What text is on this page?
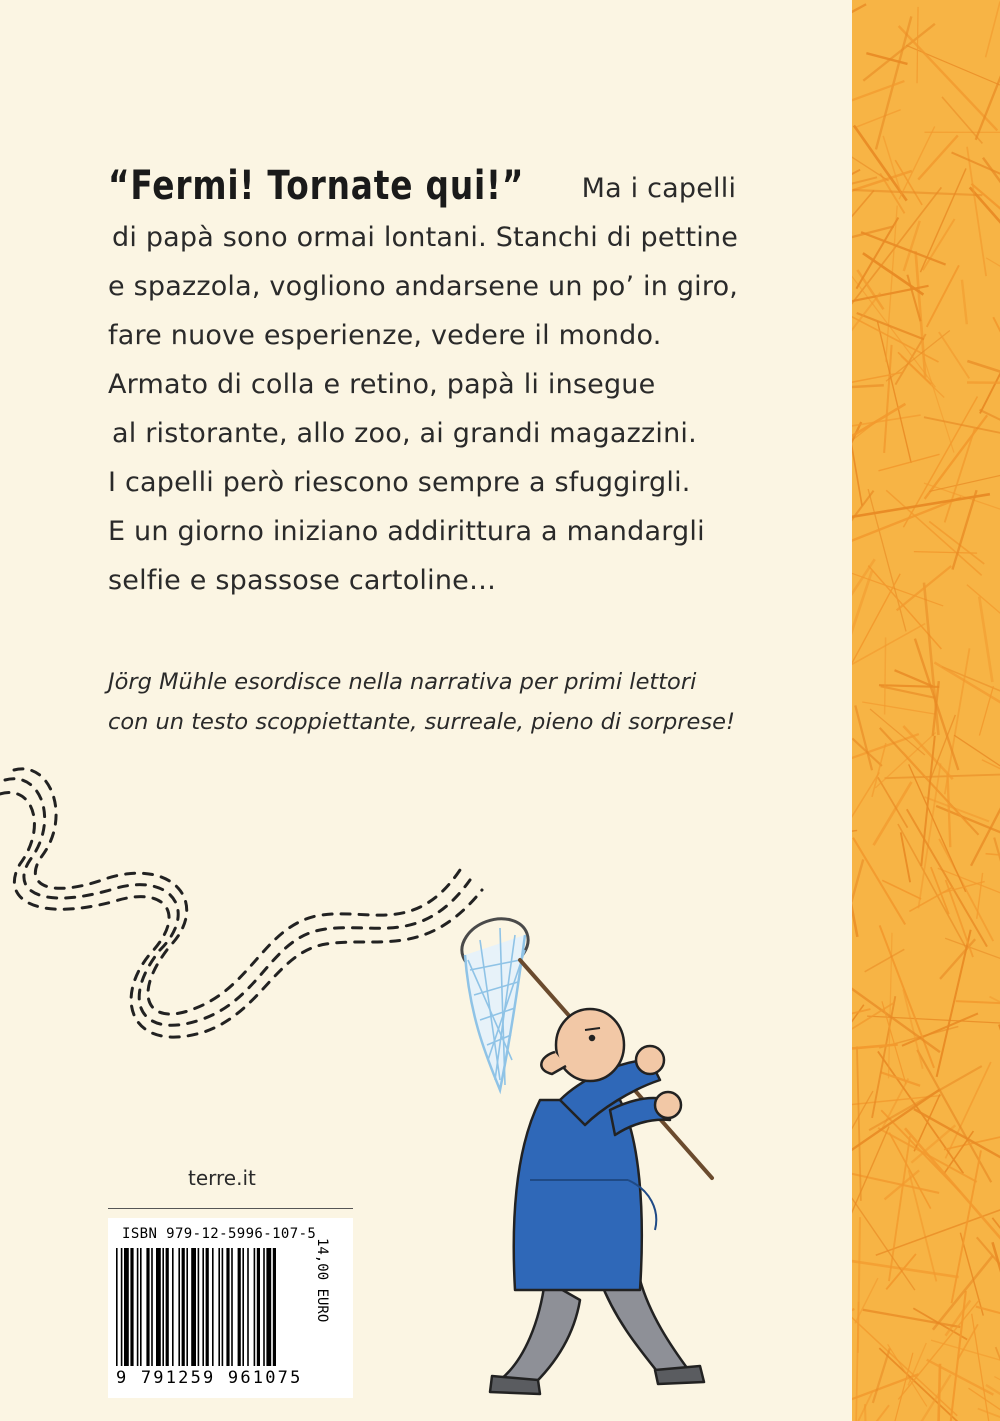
“Fermi! Tornate qui!” Ma i capelli
di papà sono ormai lontani. Stanchi di pettine
e spazzola, vogliono andarsene un po’ in giro,
fare nuove esperienze, vedere il mondo.
Armato di colla e retino, papà li insegue
al ristorante, allo zoo, ai grandi magazzini.
I capelli però riescono sempre a sfuggirgli.
E un giorno iniziano addirittura a mandargli
selfie e spassose cartoline…
Jörg Mühle esordisce nella narrativa per primi lettori
con un testo scoppiettante, surreale, pieno di sorprese!
terre.it
ISBN 979-12-5996-107-5
9 791259 961075
14,00 EURO
